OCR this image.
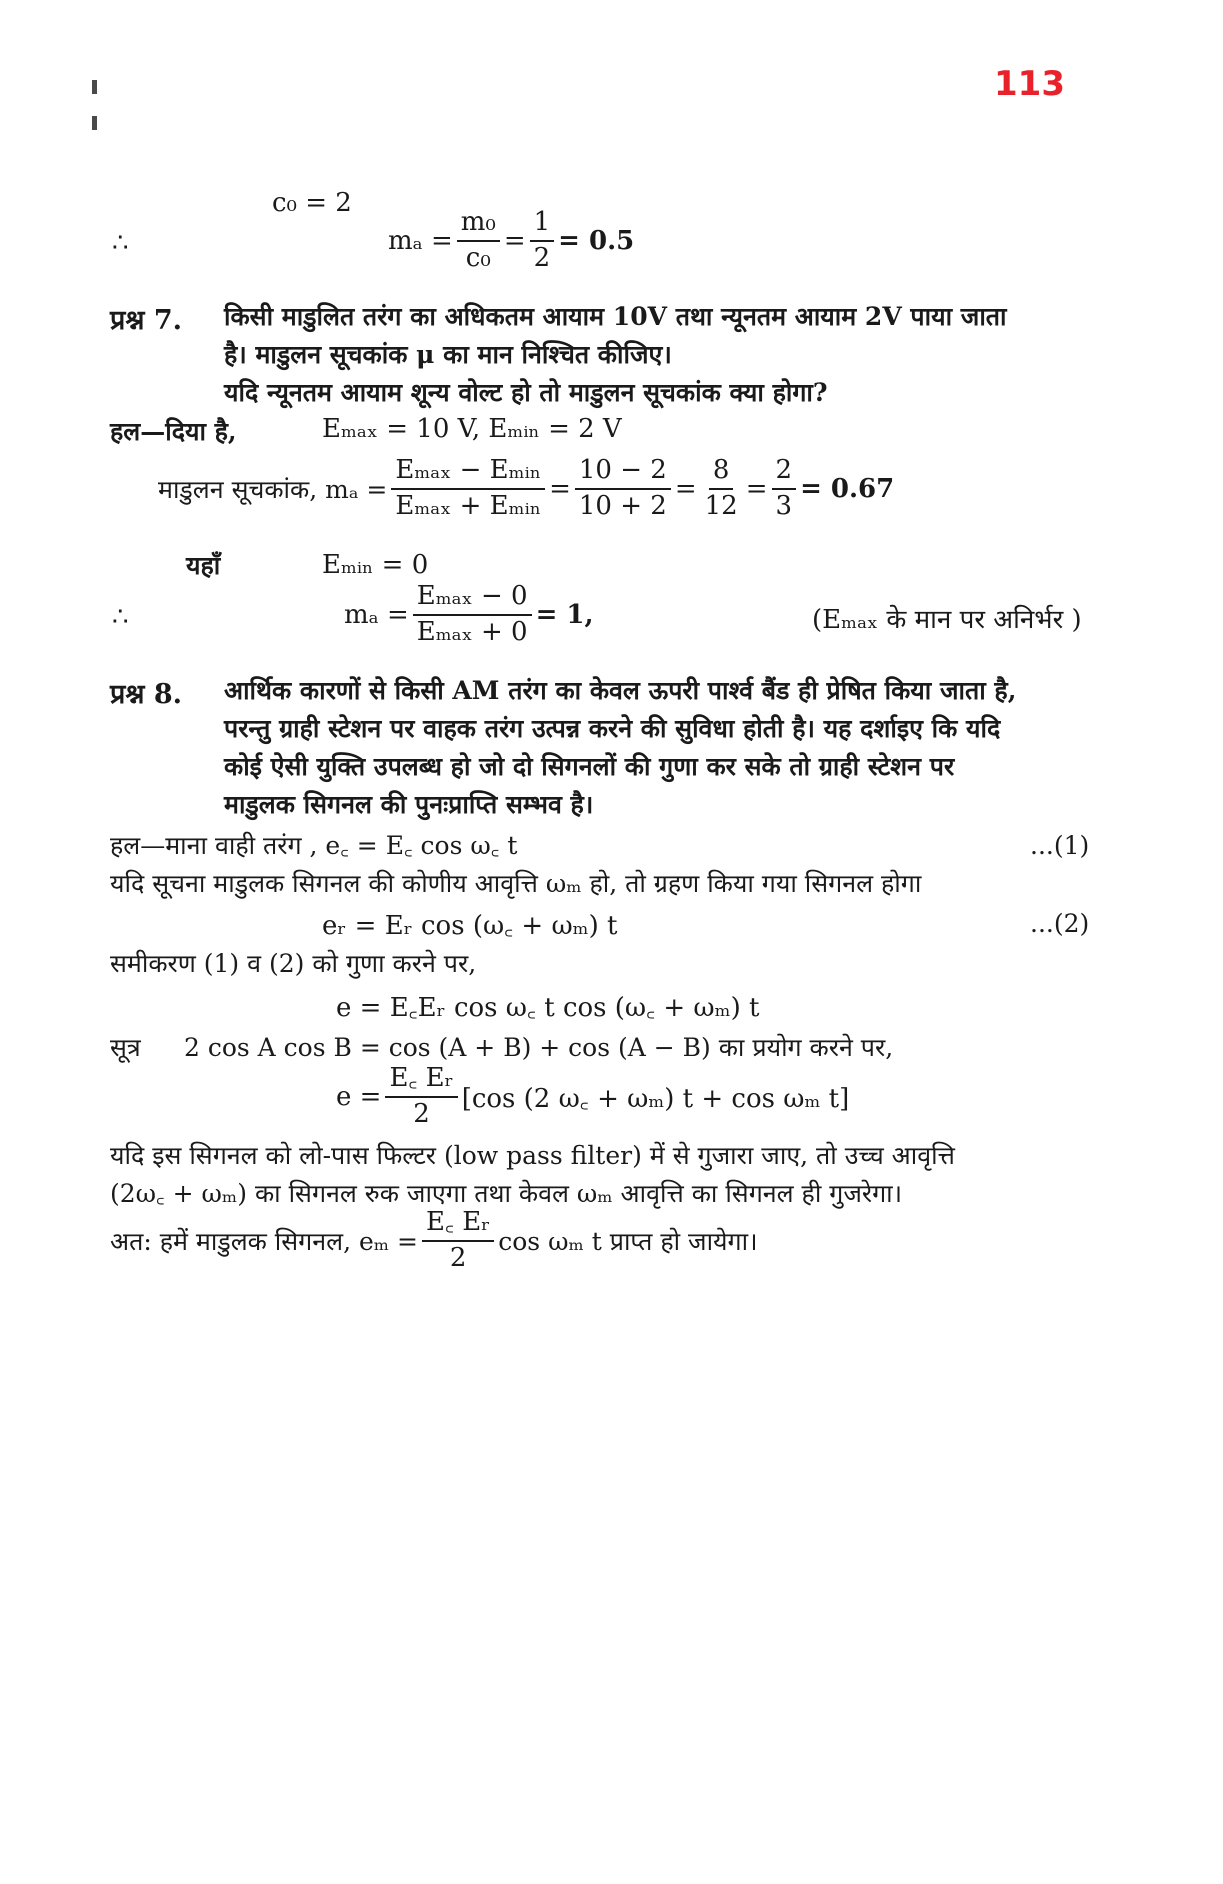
113
c₀ = 2
∴	$m_a = \frac{\text{m₀}}{\text{c₀}} = \frac{1}{2} = 0.5$
प्रश्न 7. किसी माडुलित तरंग का अधिकतम आयाम 10V तथा न्यूनतम आयाम 2V पाया जाता
है। माडुलन सूचकांक μ का मान निश्चित कीजिए।
यदि न्यूनतम आयाम शून्य वोल्ट हो तो माडुलन सूचकांक क्या होगा?
हल—दिया है,	Eₘₐₓ = 10 V, Eₘᵢₙ = 2 V
माडुलन सूचकांक, $m_a = \frac{\text{Eₘₐₓ − Eₘᵢₙ}}{\text{Eₘₐₓ + Eₘᵢₙ}} = \frac{10 - 2}{10 + 2} = \frac{8}{12} = \frac{2}{3} = 0.67$
यहाँ	Eₘᵢₙ = 0
∴	$m_a = \frac{\text{Eₘₐₓ − 0}}{\text{Eₘₐₓ + 0}} = 1$,	(Eₘₐₓ के मान पर अनिर्भर )
प्रश्न 8. आर्थिक कारणों से किसी AM तरंग का केवल ऊपरी पार्श्व बैंड ही प्रेषित किया जाता है,
परन्तु ग्राही स्टेशन पर वाहक तरंग उत्पन्न करने की सुविधा होती है। यह दर्शाइए कि यदि
कोई ऐसी युक्ति उपलब्ध हो जो दो सिगनलों की गुणा कर सके तो ग्राही स्टेशन पर
माडुलक सिगनल की पुनःप्राप्ति सम्भव है।
हल—माना वाही तरंग , e꜀ = E꜀ cos ω꜀ t	...(1)
यदि सूचना माडुलक सिगनल की कोणीय आवृत्ति ωₘ हो, तो ग्रहण किया गया सिगनल होगा
eᵣ = Eᵣ cos (ω꜀ + ωₘ) t	...(2)
समीकरण (1) व (2) को गुणा करने पर,
e = E꜀Eᵣ cos ω꜀ t cos (ω꜀ + ωₘ) t
सूत्र 2 cos A cos B = cos (A + B) + cos (A − B) का प्रयोग करने पर,
$e = \frac{\text{E꜀ Eᵣ}}{2} [\cos$ (2 ω꜀ + ωₘ) t + cos ωₘ t]
यदि इस सिगनल को लो-पास फिल्टर (low pass filter) में से गुजारा जाए, तो उच्च आवृत्ति
(2ω꜀ + ωₘ) का सिगनल रुक जाएगा तथा केवल ωₘ आवृत्ति का सिगनल ही गुजरेगा।
अत: हमें माडुलक सिगनल, $e_m = \frac{\text{E꜀ Eᵣ}}{2}$ cos ωₘ t प्राप्त हो जायेगा।
